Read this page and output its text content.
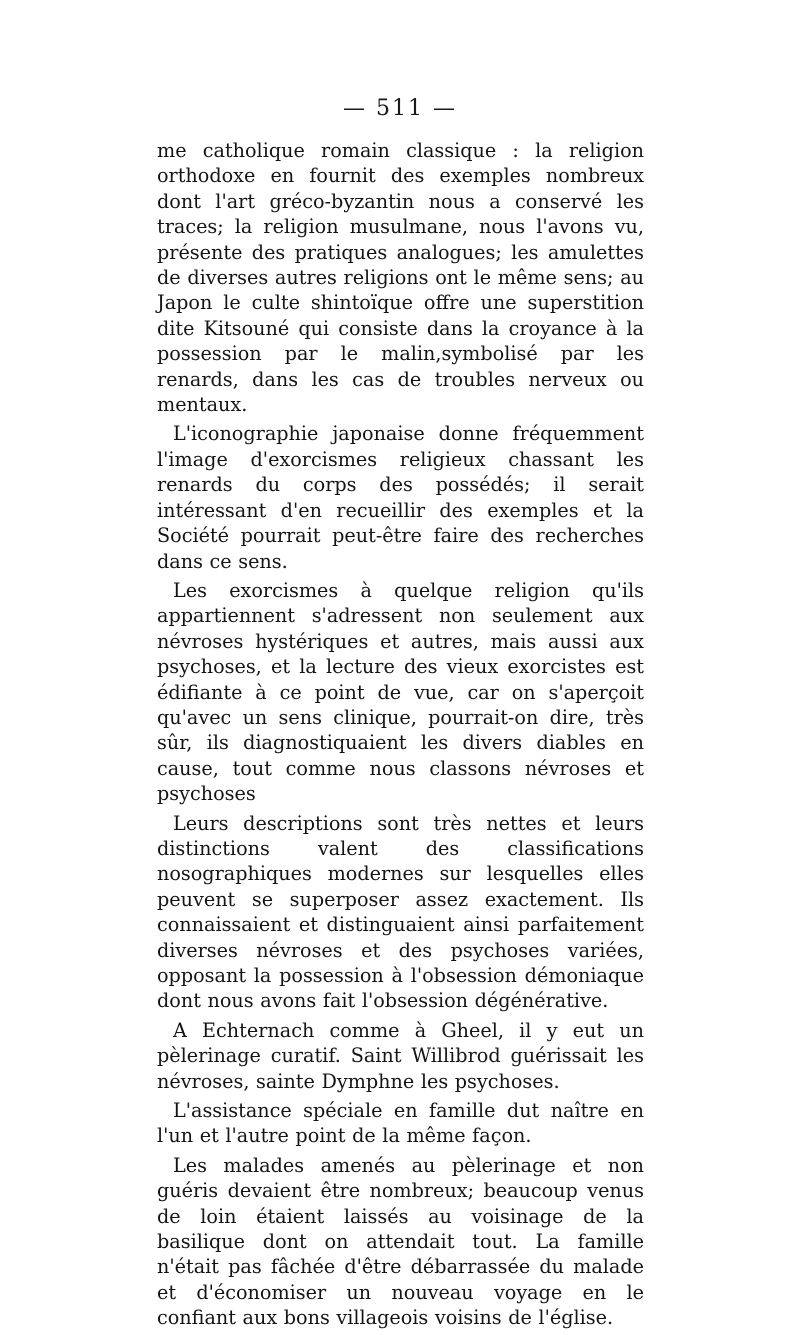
— 511 —

me catholique romain classique : la religion orthodoxe en fournit des exemples nombreux dont l'art gréco-byzantin nous a conservé les traces; la religion musulmane, nous l'avons vu, présente des pratiques analogues; les amulettes de diverses autres religions ont le même sens; au Japon le culte shintoïque offre une superstition dite Kitsouné qui consiste dans la croyance à la possession par le malin,symbolisé par les renards, dans les cas de troubles nerveux ou mentaux.

L'iconographie japonaise donne fréquemment l'image d'exorcismes religieux chassant les renards du corps des possédés; il serait intéressant d'en recueillir des exemples et la Société pourrait peut-être faire des recherches dans ce sens.

Les exorcismes à quelque religion qu'ils appartiennent s'adressent non seulement aux névroses hystériques et autres, mais aussi aux psychoses, et la lecture des vieux exorcistes est édifiante à ce point de vue, car on s'aperçoit qu'avec un sens clinique, pourrait-on dire, très sûr, ils diagnostiquaient les divers diables en cause, tout comme nous classons névroses et psychoses

Leurs descriptions sont très nettes et leurs distinctions valent des classifications nosographiques modernes sur lesquelles elles peuvent se superposer assez exactement. Ils connaissaient et distinguaient ainsi parfaitement diverses névroses et des psychoses variées, opposant la possession à l'obsession démoniaque dont nous avons fait l'obsession dégénérative.

A Echternach comme à Gheel, il y eut un pèlerinage curatif. Saint Willibrod guérissait les névroses, sainte Dymphne les psychoses.

L'assistance spéciale en famille dut naître en l'un et l'autre point de la même façon.

Les malades amenés au pèlerinage et non guéris devaient être nombreux; beaucoup venus de loin étaient laissés au voisinage de la basilique dont on attendait tout. La famille n'était pas fâchée d'être débarrassée du malade et d'économiser un nouveau voyage en le confiant aux bons villageois voisins de l'église.
